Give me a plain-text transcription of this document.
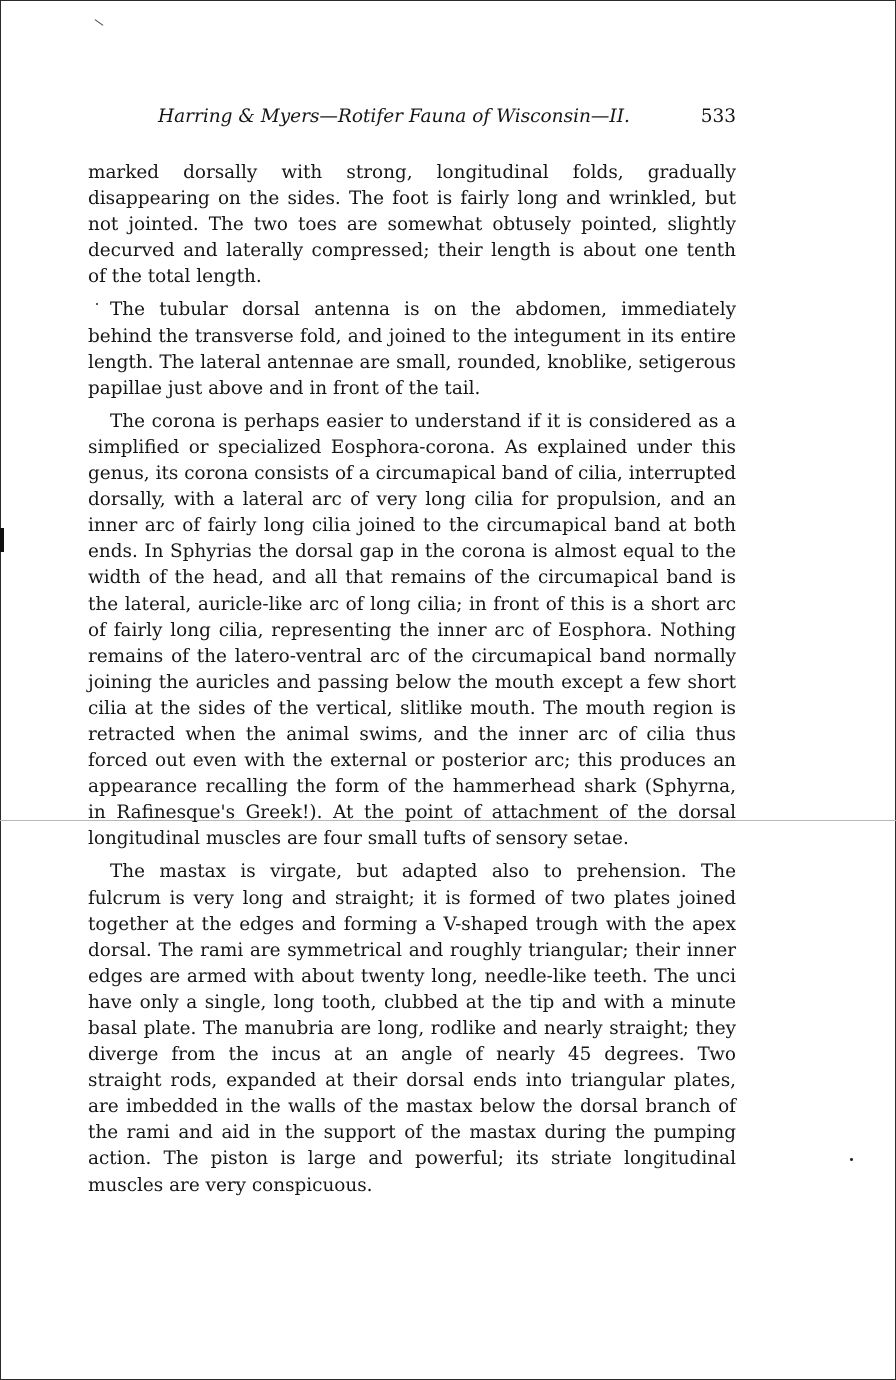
Harring & Myers—Rotifer Fauna of Wisconsin—II.	533

marked dorsally with strong, longitudinal folds, gradually disappearing on the sides. The foot is fairly long and wrinkled, but not jointed. The two toes are somewhat obtusely pointed, slightly decurved and laterally compressed; their length is about one tenth of the total length.

The tubular dorsal antenna is on the abdomen, immediately behind the transverse fold, and joined to the integument in its entire length. The lateral antennae are small, rounded, knoblike, setigerous papillae just above and in front of the tail.

The corona is perhaps easier to understand if it is considered as a simplified or specialized Eosphora-corona. As explained under this genus, its corona consists of a circumapical band of cilia, interrupted dorsally, with a lateral arc of very long cilia for propulsion, and an inner arc of fairly long cilia joined to the circumapical band at both ends. In Sphyrias the dorsal gap in the corona is almost equal to the width of the head, and all that remains of the circumapical band is the lateral, auricle-like arc of long cilia; in front of this is a short arc of fairly long cilia, representing the inner arc of Eosphora. Nothing remains of the latero-ventral arc of the circumapical band normally joining the auricles and passing below the mouth except a few short cilia at the sides of the vertical, slitlike mouth. The mouth region is retracted when the animal swims, and the inner arc of cilia thus forced out even with the external or posterior arc; this produces an appearance recalling the form of the hammerhead shark (Sphyrna, in Rafinesque's Greek!). At the point of attachment of the dorsal longitudinal muscles are four small tufts of sensory setae.

The mastax is virgate, but adapted also to prehension. The fulcrum is very long and straight; it is formed of two plates joined together at the edges and forming a V-shaped trough with the apex dorsal. The rami are symmetrical and roughly triangular; their inner edges are armed with about twenty long, needle-like teeth. The unci have only a single, long tooth, clubbed at the tip and with a minute basal plate. The manubria are long, rodlike and nearly straight; they diverge from the incus at an angle of nearly 45 degrees. Two straight rods, expanded at their dorsal ends into triangular plates, are imbedded in the walls of the mastax below the dorsal branch of the rami and aid in the support of the mastax during the pumping action. The piston is large and powerful; its striate longitudinal muscles are very conspicuous.
